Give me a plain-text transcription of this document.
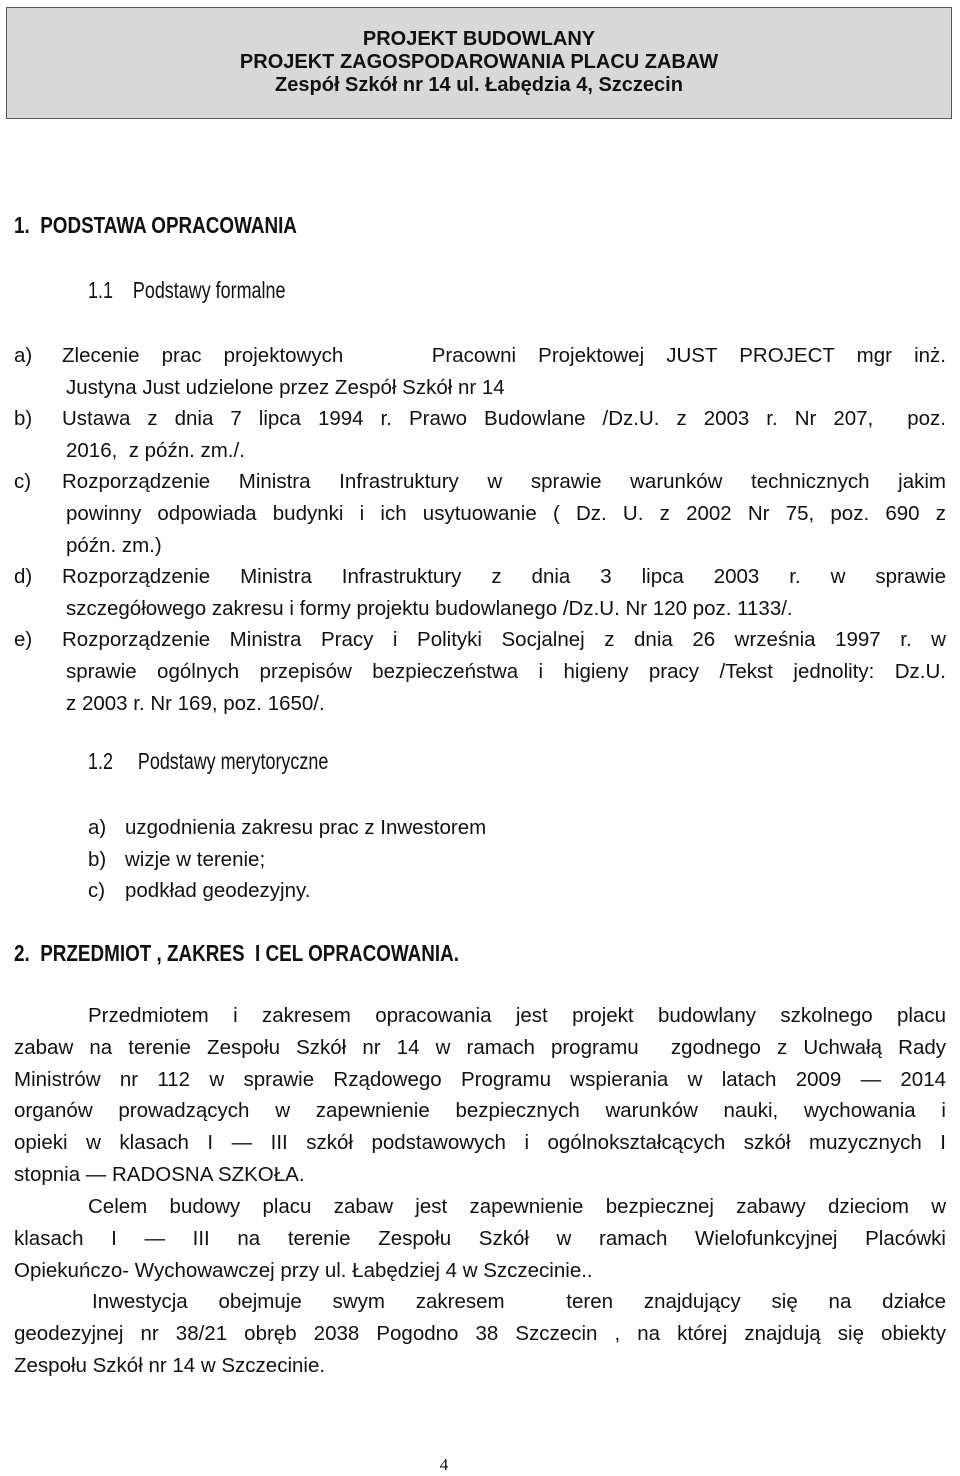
PROJEKT BUDOWLANY
PROJEKT ZAGOSPODAROWANIA PLACU ZABAW
Zespół Szkół nr 14 ul. Łabędzia 4, Szczecin
1. PODSTAWA OPRACOWANIA
1.1 Podstawy formalne
a)	Zlecenie prac projektowych    Pracowni Projektowej JUST PROJECT mgr inż.
Justyna Just udzielone przez Zespół Szkół nr 14
b)	Ustawa z dnia 7 lipca 1994 r. Prawo Budowlane /Dz.U. z 2003 r. Nr 207,  poz.
2016,  z późn. zm./.
c)	Rozporządzenie Ministra Infrastruktury w sprawie warunków technicznych jakim
powinny odpowiada budynki i ich usytuowanie ( Dz. U. z 2002 Nr 75, poz. 690 z
późn. zm.)
d)	Rozporządzenie Ministra Infrastruktury z dnia 3 lipca 2003 r. w sprawie
szczegółowego zakresu i formy projektu budowlanego /Dz.U. Nr 120 poz. 1133/.
e)	Rozporządzenie Ministra Pracy i Polityki Socjalnej z dnia 26 września 1997 r. w
sprawie ogólnych przepisów bezpieczeństwa i higieny pracy /Tekst jednolity: Dz.U.
z 2003 r. Nr 169, poz. 1650/.
1.2 Podstawy merytoryczne
a) uzgodnienia zakresu prac z Inwestorem
b) wizje w terenie;
c) podkład geodezyjny.
2. PRZEDMIOT , ZAKRES  I CEL OPRACOWANIA.
Przedmiotem i zakresem opracowania jest projekt budowlany szkolnego placu
zabaw na terenie Zespołu Szkół nr 14 w ramach programu  zgodnego z Uchwałą Rady
Ministrów nr 112 w sprawie Rządowego Programu wspierania w latach 2009 — 2014
organów prowadzących w zapewnienie bezpiecznych warunków nauki, wychowania i
opieki w klasach I — III szkół podstawowych i ogólnokształcących szkół muzycznych I
stopnia — RADOSNA SZKOŁA.
Celem budowy placu zabaw jest zapewnienie bezpiecznej zabawy dzieciom w
klasach I — III na terenie Zespołu Szkół w ramach Wielofunkcyjnej Placówki
Opiekuńczo- Wychowawczej przy ul. Łabędziej 4 w Szczecinie..
Inwestycja obejmuje swym zakresem  teren znajdujący się na działce
geodezyjnej nr 38/21 obręb 2038 Pogodno 38 Szczecin , na której znajdują się obiekty
Zespołu Szkół nr 14 w Szczecinie.
4
